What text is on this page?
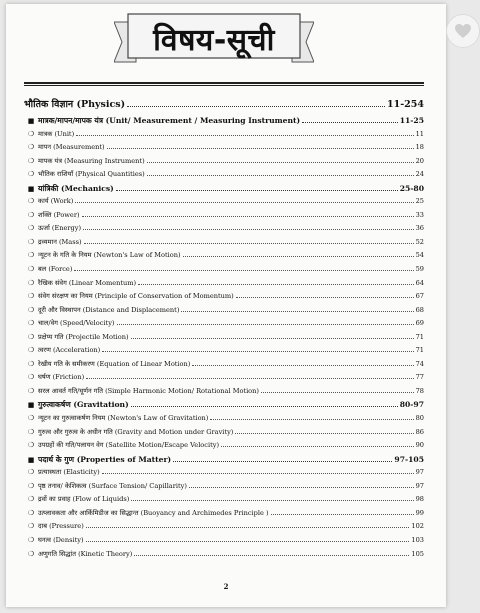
विषय-सूची
भौतिक विज्ञान (Physics)	11-254
■ मात्रक/मापन/मापक यंत्र (Unit/ Measurement / Measuring Instrument)	11-25
❍ मात्रक (Unit)	11
❍ मापन (Measurement)	18
❍ मापक यंत्र (Measuring Instrument)	20
❍ भौतिक राशियाँ (Physical Quantities)	24
■ यांत्रिकी (Mechanics)	25-80
❍ कार्य (Work)	25
❍ शक्ति (Power)	33
❍ ऊर्जा (Energy)	36
❍ द्रव्यमान (Mass)	52
❍ न्यूटन के गति के नियम (Newton's Law of Motion)	54
❍ बल (Force)	59
❍ रैखिक संवेग (Linear Momentum)	64
❍ संवेग संरक्षण का नियम (Principle of Conservation of Momentum)	67
❍ दूरी और विस्थापन (Distance and Displacement)	68
❍ चाल/वेग (Speed/Velocity)	69
❍ प्रक्षेप्य गति (Projectile Motion)	71
❍ त्वरण (Acceleration)	71
❍ रेखीय गति के समीकरण (Equation of Linear Motion)	74
❍ घर्षण (Friction)	77
❍ सरल आवर्त गति/घूर्णन गति (Simple Harmonic Motion/ Rotational Motion)	78
■ गुरुत्वाकर्षण (Gravitation)	80-97
❍ न्यूटन का गुरुत्वाकर्षण नियम (Newton's Law of Gravitation)	80
❍ गुरुत्व और गुरुत्व के अधीन गति (Gravity and Motion under Gravity)	86
❍ उपग्रहों की गति/पलायन वेग (Satellite Motion/Escape Velocity)	90
■ पदार्थ के गुण (Properties of Matter)	97-105
❍ प्रत्यास्थता (Elasticity)	97
❍ पृष्ठ तनाव/ केशिकत्व (Surface Tension/ Capillarity)	97
❍ द्रवों का प्रवाह (Flow of Liquids)	98
❍ उत्प्लावकता और आर्किमिडीज का सिद्धान्त (Buoyancy and Archimedes Principle )	99
❍ दाब (Pressure)	102
❍ घनत्व (Density)	103
❍ अणुगति सिद्धांत (Kinetic Theory)	105
2
